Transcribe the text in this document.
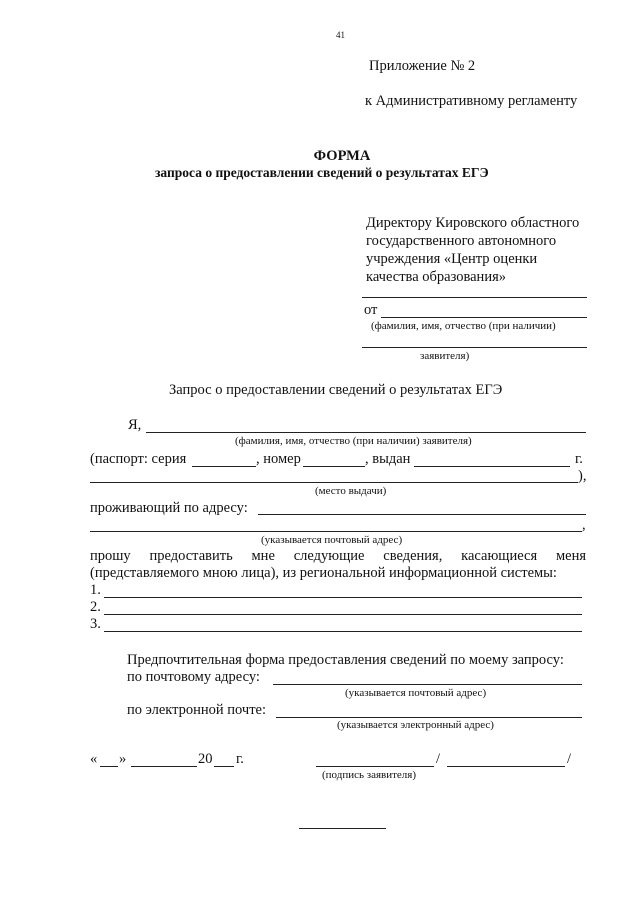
41
Приложение № 2
к Административному регламенту
ФОРМА
запроса о предоставлении сведений о результатах ЕГЭ
Директору Кировского областного
государственного автономного
учреждения «Центр оценки
качества образования»
от
(фамилия, имя, отчество (при наличии)
заявителя)
Запрос о предоставлении сведений о результатах ЕГЭ
Я,
(фамилия, имя, отчество (при наличии) заявителя)
(паспорт: серия	, номер	, выдан	г.
),
(место выдачи)
проживающий по адресу:
,
(указывается почтовый адрес)
прошу предоставить мне следующие сведения, касающиеся меня
(представляемого мною лица), из региональной информационной системы:
1.
2.
3.
Предпочтительная форма предоставления сведений по моему запросу:
по почтовому адресу:
(указывается почтовый адрес)
по электронной почте:
(указывается электронный адрес)
« »	20 г.	/	/
(подпись заявителя)
